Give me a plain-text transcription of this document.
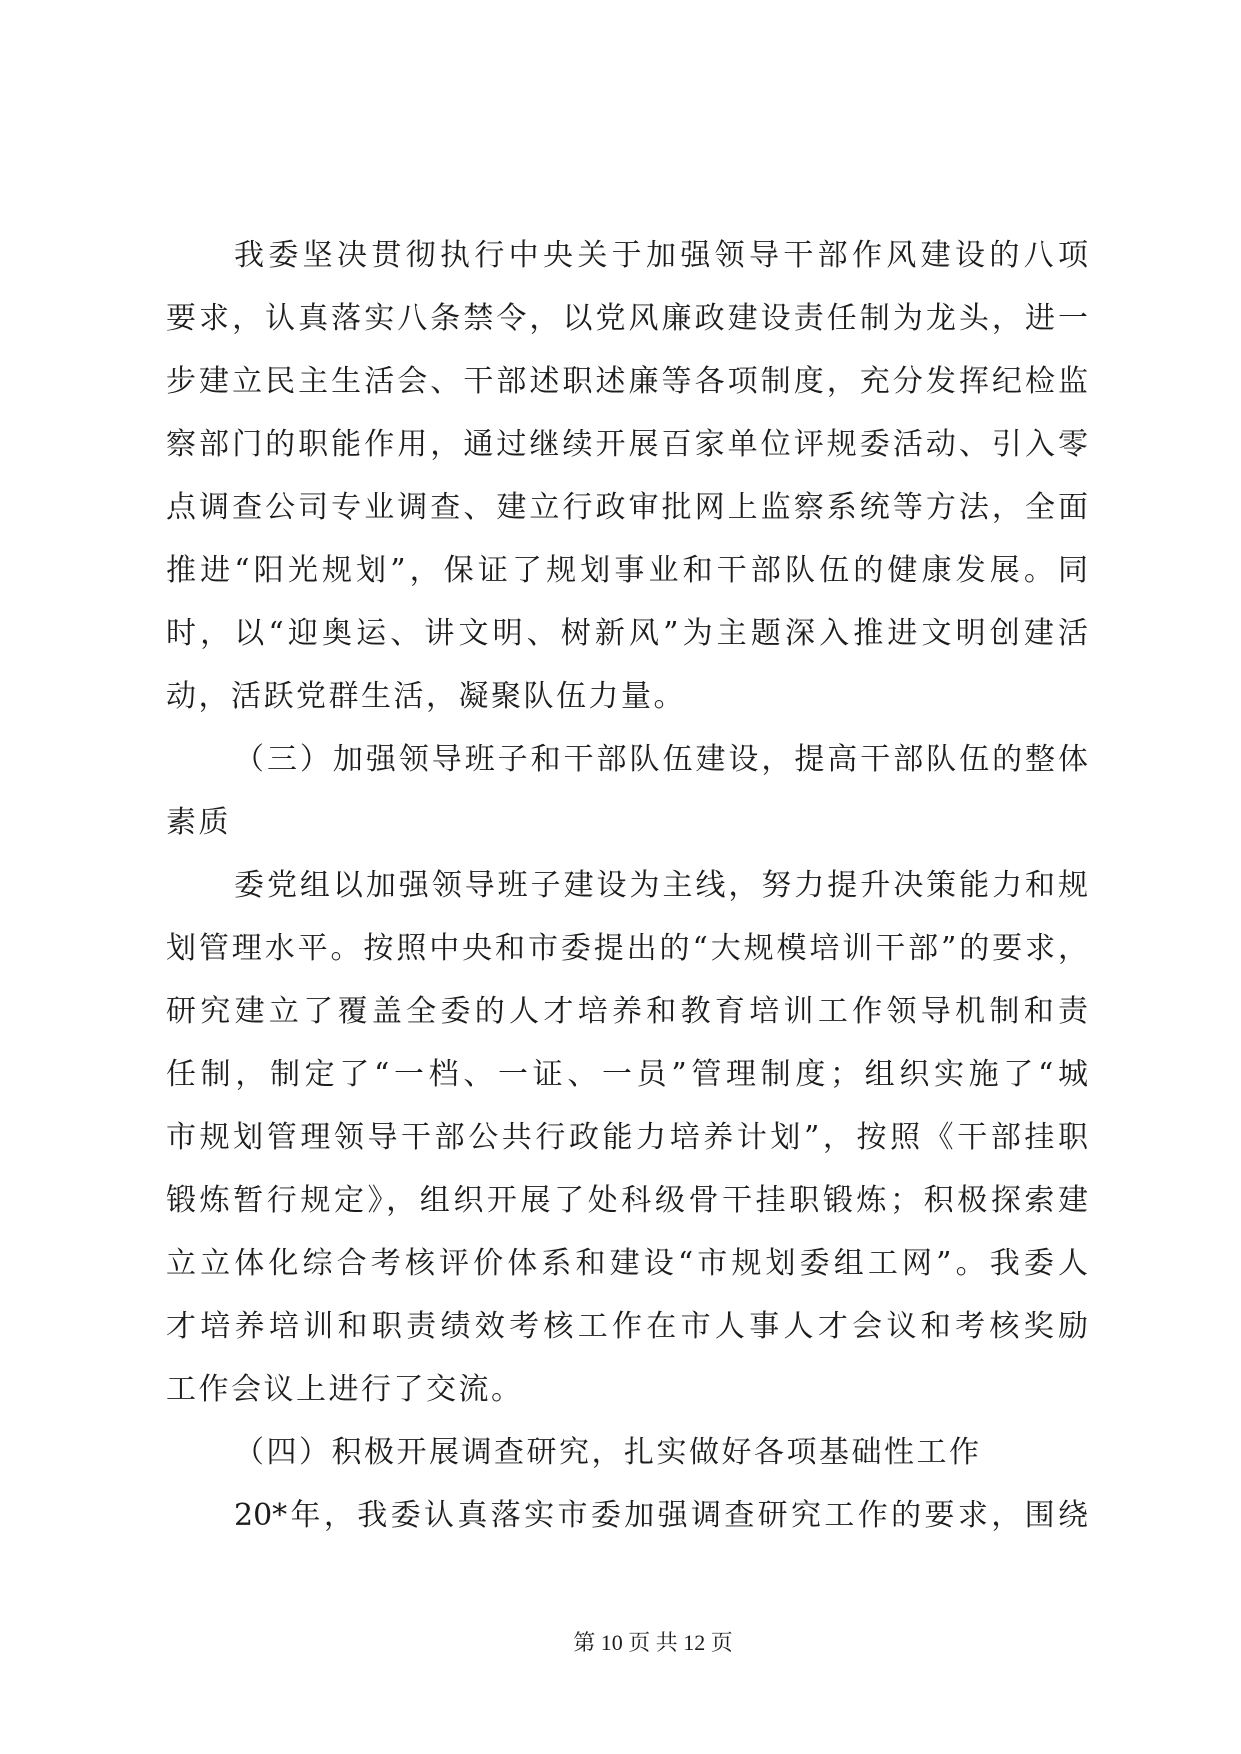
我委坚决贯彻执行中央关于加强领导干部作风建设的八项
要求，认真落实八条禁令，以党风廉政建设责任制为龙头，进一
步建立民主生活会、干部述职述廉等各项制度，充分发挥纪检监
察部门的职能作用，通过继续开展百家单位评规委活动、引入零
点调查公司专业调查、建立行政审批网上监察系统等方法，全面
推进“阳光规划”，保证了规划事业和干部队伍的健康发展。同
时，以“迎奥运、讲文明、树新风”为主题深入推进文明创建活
动，活跃党群生活，凝聚队伍力量。
（三）加强领导班子和干部队伍建设，提高干部队伍的整体
素质
委党组以加强领导班子建设为主线，努力提升决策能力和规
划管理水平。按照中央和市委提出的“大规模培训干部”的要求，
研究建立了覆盖全委的人才培养和教育培训工作领导机制和责
任制，制定了“一档、一证、一员”管理制度；组织实施了“城
市规划管理领导干部公共行政能力培养计划”，按照《干部挂职
锻炼暂行规定》，组织开展了处科级骨干挂职锻炼；积极探索建
立立体化综合考核评价体系和建设“市规划委组工网”。我委人
才培养培训和职责绩效考核工作在市人事人才会议和考核奖励
工作会议上进行了交流。
（四）积极开展调查研究，扎实做好各项基础性工作
20*年，我委认真落实市委加强调查研究工作的要求，围绕
第 10 页 共 12 页
